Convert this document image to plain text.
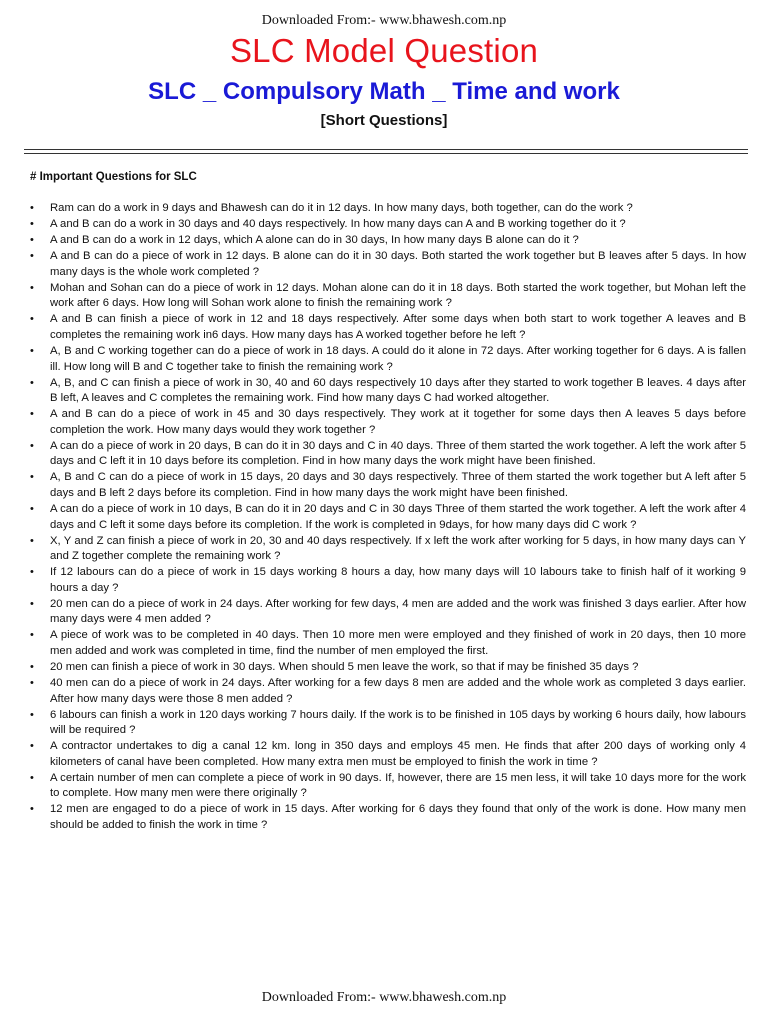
Downloaded From:- www.bhawesh.com.np
SLC Model Question
SLC _ Compulsory Math _ Time and work
[Short Questions]
# Important Questions for SLC
• Ram can do a work in 9 days and Bhawesh can do it in 12 days. In how many days, both together, can do the work ?
• A and B can do a work in 30 days and 40 days respectively. In how many days can A and B working together do it ?
• A and B can do a work in 12 days, which A alone can do in 30 days, In how many days B alone can do it ?
• A and B can do a piece of work in 12 days. B alone can do it in 30 days. Both started the work together but B leaves after 5 days. In how many days is the whole work completed ?
• Mohan and Sohan can do a piece of work in 12 days. Mohan alone can do it in 18 days. Both started the work together, but Mohan left the work after 6 days. How long will Sohan work alone to finish the remaining work ?
• A and B can finish a piece of work in 12 and 18 days respectively. After some days when both start to work together A leaves and B completes the remaining work in6 days. How many days has A worked together before he left ?
• A, B and C working together can do a piece of work in 18 days. A could do it alone in 72 days. After working together for 6 days. A is fallen ill. How long will B and C together take to finish the remaining work ?
• A, B, and C can finish a piece of work in 30, 40 and 60 days respectively 10 days after they started to work together B leaves. 4 days after B left, A leaves and C completes the remaining work. Find how many days C had worked altogether.
• A and B can do a piece of work in 45 and 30 days respectively. They work at it together for some days then A leaves 5 days before completion the work. How many days would they work together ?
• A can do a piece of work in 20 days, B can do it in 30 days and C in 40 days. Three of them started the work together. A left the work after 5 days and C left it in 10 days before its completion. Find in how many days the work might have been finished.
• A, B and C can do a piece of work in 15 days, 20 days and 30 days respectively. Three of them started the work together but A left after 5 days and B left 2 days before its completion. Find in how many days the work might have been finished.
• A can do a piece of work in 10 days, B can do it in 20 days and C in 30 days Three of them started the work together. A left the work after 4 days and C left it some days before its completion. If the work is completed in 9days, for how many days did C work ?
• X, Y and Z can finish a piece of work in 20, 30 and 40 days respectively. If x left the work after working for 5 days, in how many days can Y and Z together complete the remaining work ?
• If 12 labours can do a piece of work in 15 days working 8 hours a day, how many days will 10 labours take to finish half of it working 9 hours a day ?
• 20 men can do a piece of work in 24 days. After working for few days, 4 men are added and the work was finished 3 days earlier. After how many days were 4 men added ?
• A piece of work was to be completed in 40 days. Then 10 more men were employed and they finished of work in 20 days, then 10 more men added and work was completed in time, find the number of men employed the first.
• 20 men can finish a piece of work in 30 days. When should 5 men leave the work, so that if may be finished 35 days ?
• 40 men can do a piece of work in 24 days. After working for a few days 8 men are added and the whole work as completed 3 days earlier. After how many days were those 8 men added ?
• 6 labours can finish a work in 120 days working 7 hours daily. If the work is to be finished in 105 days by working 6 hours daily, how labours will be required ?
• A contractor undertakes to dig a canal 12 km. long in 350 days and employs 45 men. He finds that after 200 days of working only 4 kilometers of canal have been completed. How many extra men must be employed to finish the work in time ?
• A certain number of men can complete a piece of work in 90 days. If, however, there are 15 men less, it will take 10 days more for the work to complete. How many men were there originally ?
• 12 men are engaged to do a piece of work in 15 days. After working for 6 days they found that only of the work is done. How many men should be added to finish the work in time ?
Downloaded From:- www.bhawesh.com.np
